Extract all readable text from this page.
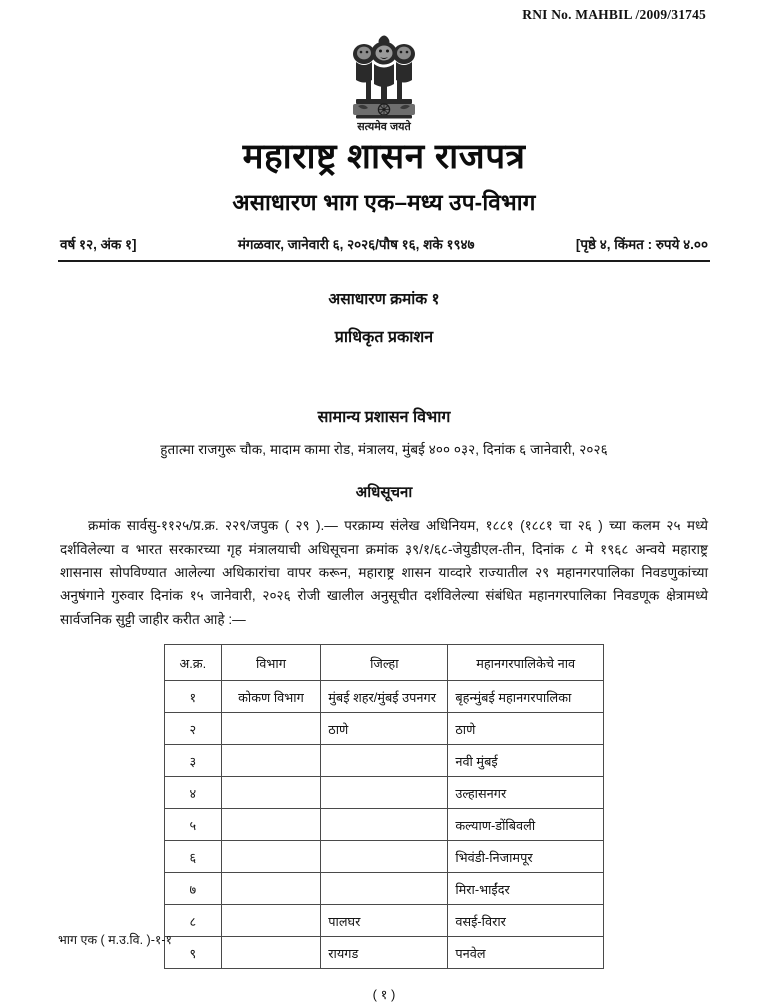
RNI No. MAHBIL /2009/31745
सत्यमेव जयते
महाराष्ट्र शासन राजपत्र
असाधारण भाग एक–मध्य उप-विभाग
वर्ष १२, अंक १]	मंगळवार, जानेवारी ६, २०२६/पौष १६, शके १९४७	[पृष्ठे ४, किंमत : रुपये ४.००
असाधारण क्रमांक १
प्राधिकृत प्रकाशन
सामान्य प्रशासन विभाग
हुतात्मा राजगुरू चौक, मादाम कामा रोड, मंत्रालय, मुंबई ४०० ०३२, दिनांक ६ जानेवारी, २०२६
अधिसूचना
क्रमांक सार्वसु-११२५/प्र.क्र. २२९/जपुक ( २९ ).— परक्राम्य संलेख अधिनियम, १८८१ (१८८१ चा २६ ) च्या कलम २५ मध्ये दर्शविलेल्या व भारत सरकारच्या गृह मंत्रालयाची अधिसूचना क्रमांक ३९/१/६८-जेयुडीएल-तीन, दिनांक ८ मे १९६८ अन्वये महाराष्ट्र शासनास सोपविण्यात आलेल्या अधिकारांचा वापर करून, महाराष्ट्र शासन याव्दारे राज्यातील २९ महानगरपालिका निवडणुकांच्या अनुषंगाने गुरुवार दिनांक १५ जानेवारी, २०२६ रोजी खालील अनुसूचीत दर्शविलेल्या संबंधित महानगरपालिका निवडणूक क्षेत्रामध्ये सार्वजनिक सुट्टी जाहीर करीत आहे :—
अ.क्र.	विभाग	जिल्हा	महानगरपालिकेचे नाव
१	कोकण विभाग	मुंबई शहर/मुंबई उपनगर	बृहन्मुंबई महानगरपालिका
२		ठाणे	ठाणे
३			नवी मुंबई
४			उल्हासनगर
५			कल्याण-डोंबिवली
६			भिवंडी-निजामपूर
७			मिरा-भाईंदर
८		पालघर	वसई-विरार
९		रायगड	पनवेल
( १ )
भाग एक ( म.उ.वि. )-१-१
